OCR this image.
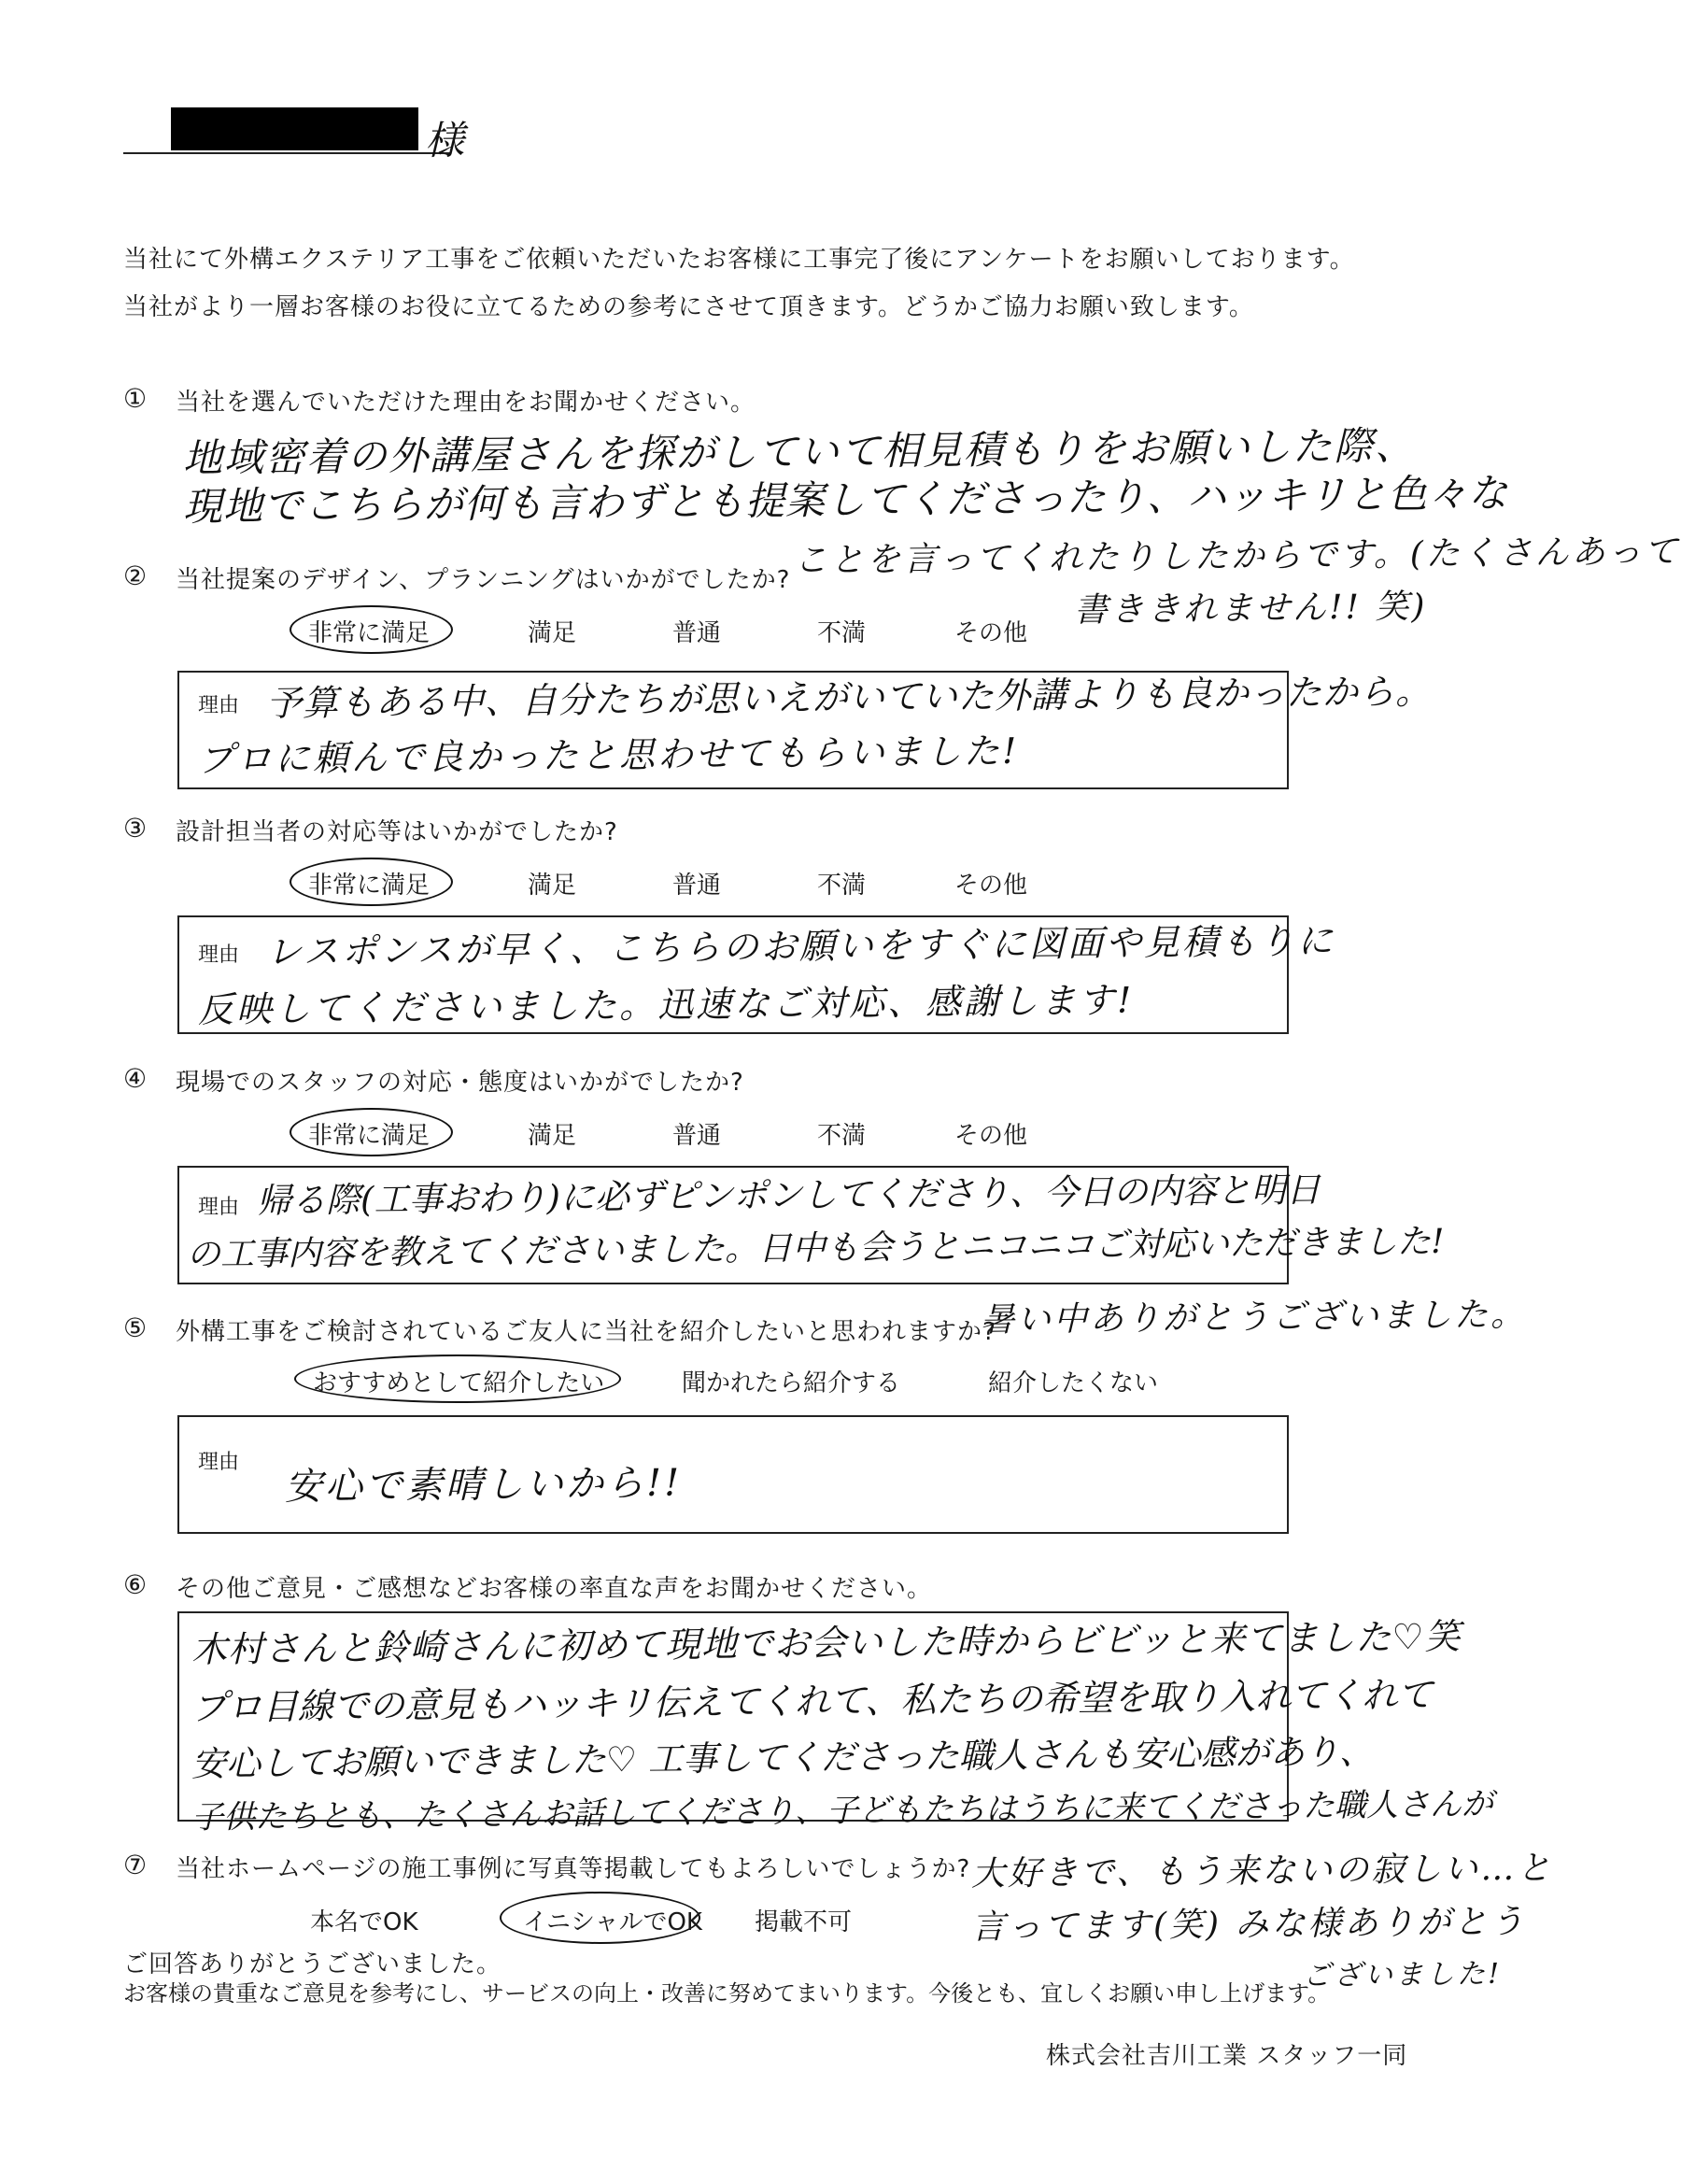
様
当社にて外構エクステリア工事をご依頼いただいたお客様に工事完了後にアンケートをお願いしております。
当社がより一層お客様のお役に立てるための参考にさせて頂きます。どうかご協力お願い致します。
① 当社を選んでいただけた理由をお聞かせください。
地域密着の外講屋さんを探がしていて相見積もりをお願いした際、
現地でこちらが何も言わずとも提案してくださったり、ハッキリと色々な
ことを言ってくれたりしたからです。(たくさんあって
書ききれません!! 笑)
② 当社提案のデザイン、プランニングはいかがでしたか?
非常に満足	満足	普通	不満	その他
理由 予算もある中、自分たちが思いえがいていた外講よりも良かったから。
プロに頼んで良かったと思わせてもらいました!
③ 設計担当者の対応等はいかがでしたか?
非常に満足	満足	普通	不満	その他
理由 レスポンスが早く、こちらのお願いをすぐに図面や見積もりに
反映してくださいました。迅速なご対応、感謝します!
④ 現場でのスタッフの対応・態度はいかがでしたか?
非常に満足	満足	普通	不満	その他
理由 帰る際(工事おわり)に必ずピンポンしてくださり、今日の内容と明日
の工事内容を教えてくださいました。日中も会うとニコニコご対応いただきました!
暑い中ありがとうございました。
⑤ 外構工事をご検討されているご友人に当社を紹介したいと思われますか?
おすすめとして紹介したい	聞かれたら紹介する	紹介したくない
理由 安心で素晴しいから!!
⑥ その他ご意見・ご感想などお客様の率直な声をお聞かせください。
木村さんと鈴崎さんに初めて現地でお会いした時からビビッと来てました♡笑
プロ目線での意見もハッキリ伝えてくれて、私たちの希望を取り入れてくれて
安心してお願いできました♡ 工事してくださった職人さんも安心感があり、
子供たちとも、たくさんお話してくださり、子どもたちはうちに来てくださった職人さんが
大好きで、もう来ないの寂しい…と
言ってます(笑) みな様ありがとう
ございました!
⑦ 当社ホームページの施工事例に写真等掲載してもよろしいでしょうか?
本名でOK	イニシャルでOK 掲載不可
ご回答ありがとうございました。
お客様の貴重なご意見を参考にし、サービスの向上・改善に努めてまいります。今後とも、宜しくお願い申し上げます。
株式会社吉川工業 スタッフ一同
